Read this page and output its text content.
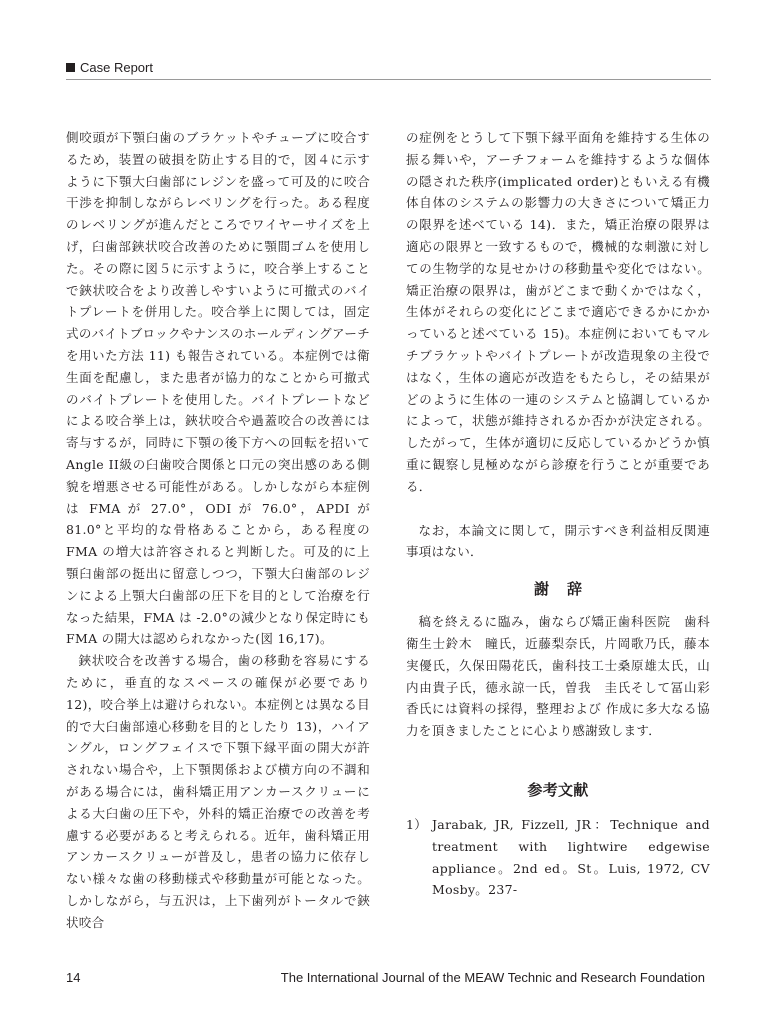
Case Report

側咬頭が下顎臼歯のブラケットやチューブに咬合するため，装置の破損を防止する目的で，図４に示すように下顎大臼歯部にレジンを盛って可及的に咬合干渉を抑制しながらレベリングを行った。ある程度のレベリングが進んだところでワイヤーサイズを上げ，臼歯部鋏状咬合改善のために顎間ゴムを使用した。その際に図５に示すように，咬合挙上することで鋏状咬合をより改善しやすいように可撤式のバイトプレートを併用した。咬合挙上に関しては，固定式のバイトブロックやナンスのホールディングアーチを用いた方法 11) も報告されている。本症例では衛生面を配慮し，また患者が協力的なことから可撤式のバイトプレートを使用した。バイトプレートなどによる咬合挙上は，鋏状咬合や過蓋咬合の改善には寄与するが，同時に下顎の後下方への回転を招いてAngle II級の臼歯咬合関係と口元の突出感のある側貌を増悪させる可能性がある。しかしながら本症例は FMA が 27.0°，ODI が 76.0°，APDI が 81.0°と平均的な骨格あることから，ある程度の FMA の増大は許容されると判断した。可及的に上顎臼歯部の挺出に留意しつつ，下顎大臼歯部のレジンによる上顎大臼歯部の圧下を目的として治療を行なった結果，FMA は -2.0°の減少となり保定時にも FMA の開大は認められなかった(図 16,17)。

鋏状咬合を改善する場合，歯の移動を容易にするために，垂直的なスペースの確保が必要であり 12)，咬合挙上は避けられない。本症例とは異なる目的で大臼歯部遠心移動を目的としたり 13)，ハイアングル，ロングフェイスで下顎下縁平面の開大が許されない場合や，上下顎関係および横方向の不調和がある場合には，歯科矯正用アンカースクリューによる大臼歯の圧下や，外科的矯正治療での改善を考慮する必要があると考えられる。近年，歯科矯正用アンカースクリューが普及し，患者の協力に依存しない様々な歯の移動様式や移動量が可能となった。しかしながら，与五沢は，上下歯列がトータルで鋏状咬合

の症例をとうして下顎下縁平面角を維持する生体の振る舞いや，アーチフォームを維持するような個体の隠された秩序(implicated order)ともいえる有機体自体のシステムの影響力の大きさについて矯正力の限界を述べている 14)．また，矯正治療の限界は適応の限界と一致するもので，機械的な刺激に対しての生物学的な見せかけの移動量や変化ではない。矯正治療の限界は，歯がどこまで動くかではなく，生体がそれらの変化にどこまで適応できるかにかかっていると述べている 15)。本症例においてもマルチブラケットやバイトプレートが改造現象の主役ではなく，生体の適応が改造をもたらし，その結果がどのように生体の一連のシステムと協調しているかによって，状態が維持されるか否かが決定される。したがって，生体が適切に反応しているかどうか慎重に観察し見極めながら診療を行うことが重要である．

なお，本論文に関して，開示すべき利益相反関連事項はない．

謝辞

稿を終えるに臨み，歯ならび矯正歯科医院　歯科衛生士鈴木　瞳氏，近藤梨奈氏，片岡歌乃氏，藤本実優氏，久保田陽花氏，歯科技工士桑原雄太氏，山内由貴子氏，德永諒一氏，曽我　圭氏そして冨山彩香氏には資料の採得，整理および 作成に多大なる協力を頂きましたことに心より感謝致します．

参考文献
1） Jarabak, JR, Fizzell, JR：Technique and treatment with lightwire edgewise appliance。2nd ed。St。Luis, 1972, CV Mosby。237-
14	The International Journal of the MEAW Technic and Research Foundation
